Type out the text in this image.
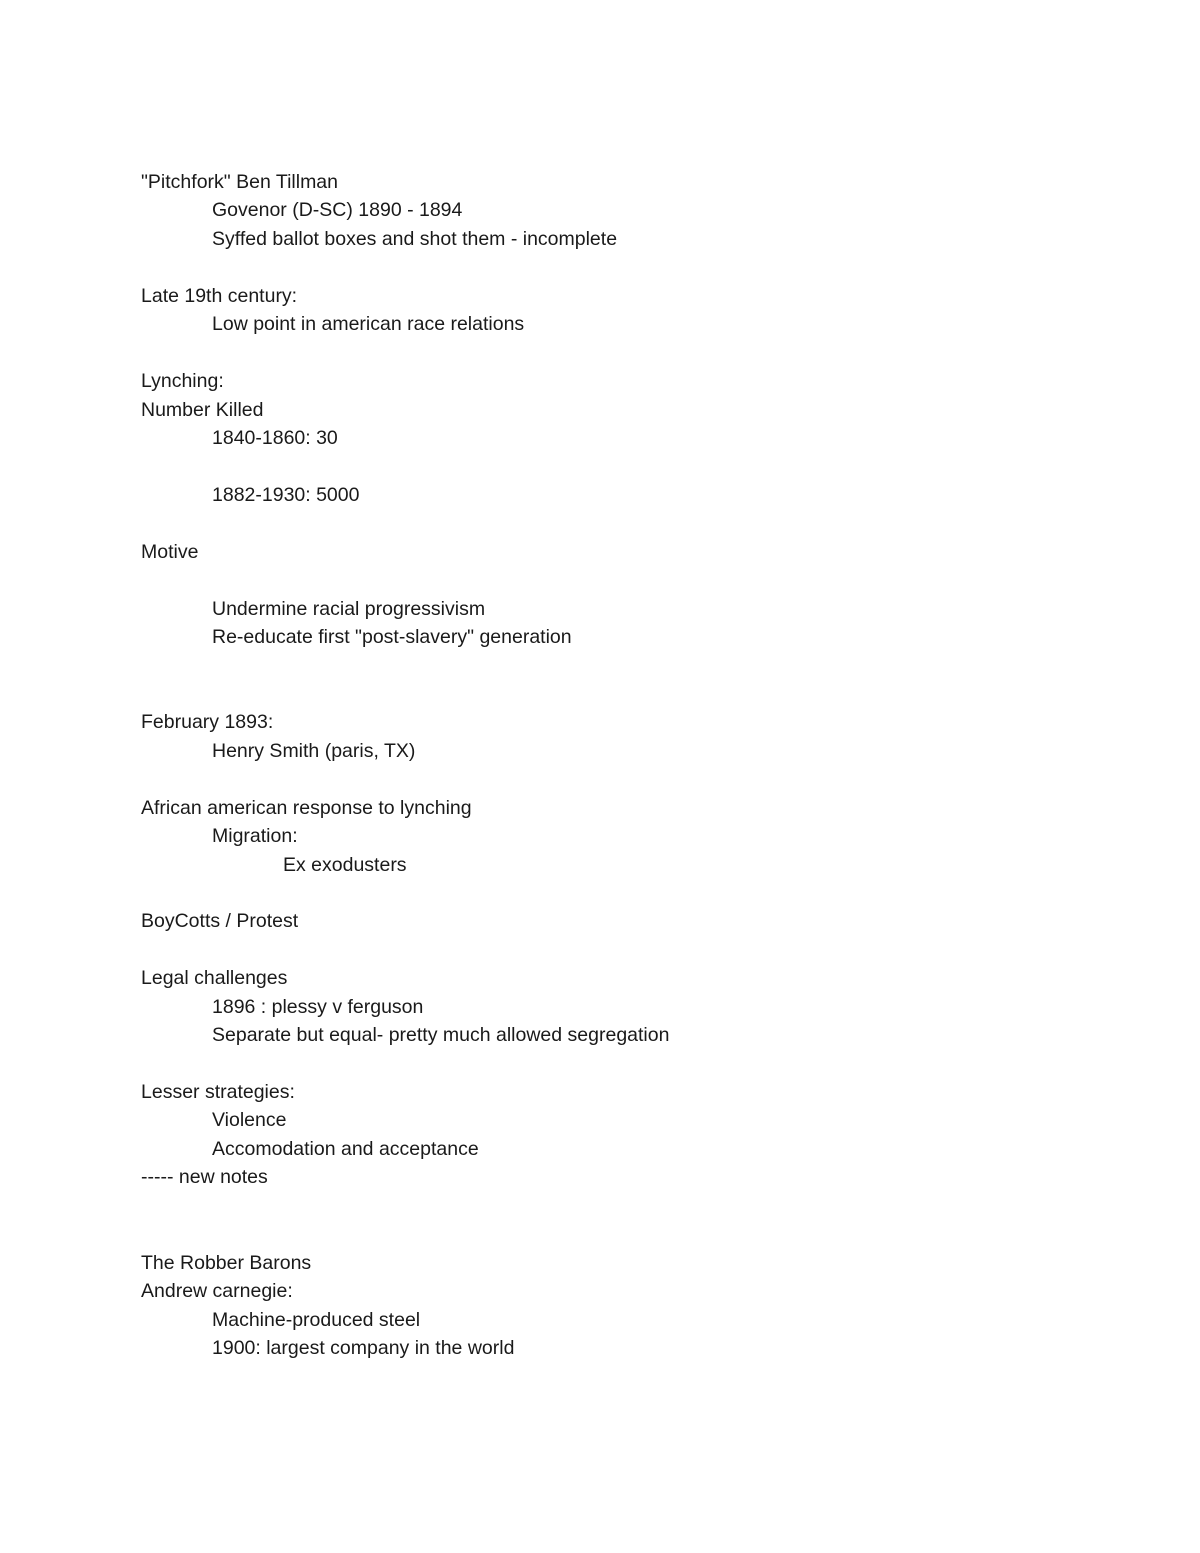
"Pitchfork" Ben Tillman
Govenor (D-SC) 1890 - 1894
Syffed ballot boxes and shot them - incomplete
Late 19th century:
Low point in american race relations
Lynching:
Number Killed
1840-1860: 30
1882-1930: 5000
Motive
Undermine racial progressivism
Re-educate first "post-slavery" generation
February 1893:
Henry Smith (paris, TX)
African american response to lynching
Migration:
Ex exodusters
BoyCotts / Protest
Legal challenges
1896 : plessy v ferguson
Separate but equal- pretty much allowed segregation
Lesser strategies:
Violence
Accomodation and acceptance
----- new notes
The Robber Barons
Andrew carnegie:
Machine-produced steel
1900: largest company in the world
